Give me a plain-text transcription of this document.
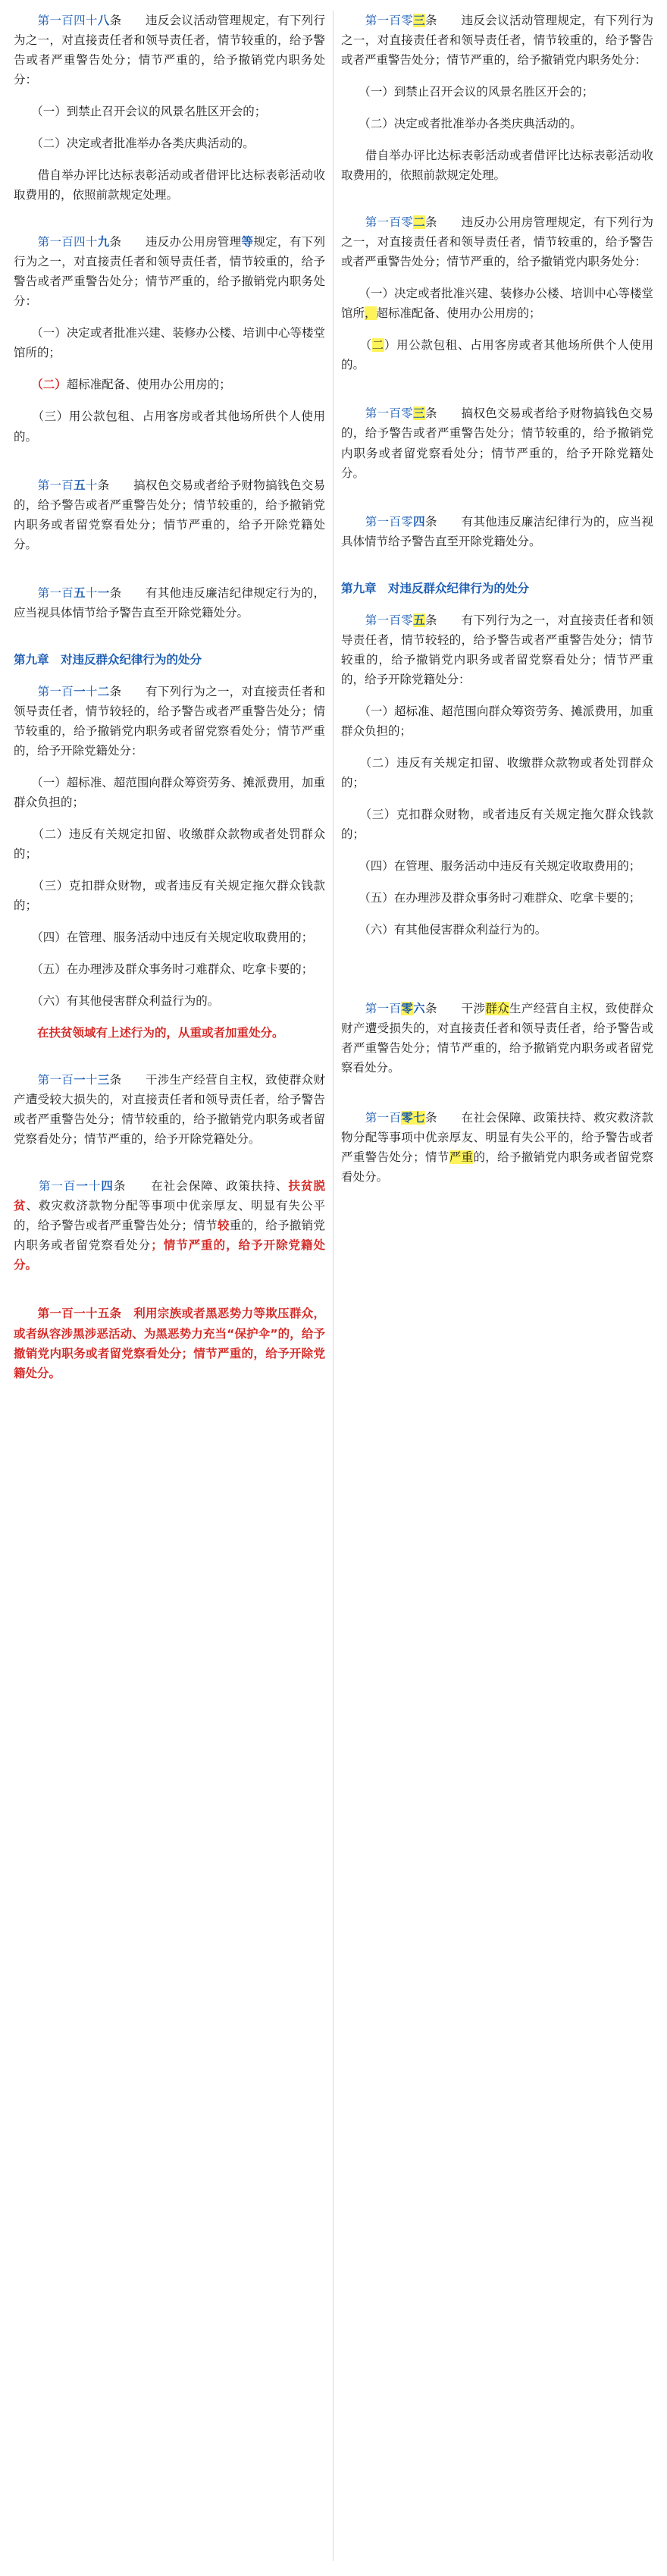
　　第一百四十八条　　违反会议活动管理规定，有下列行为之一，对直接责任者和领导责任者，情节较重的，给予警告或者严重警告处分；情节严重的，给予撤销党内职务处分：

　　（一）到禁止召开会议的风景名胜区开会的；

　　（二）决定或者批准举办各类庆典活动的。

　　借自举办评比达标表彰活动或者借评比达标表彰活动收取费用的，依照前款规定处理。

　　第一百四十九条　　违反办公用房管理等规定，有下列行为之一，对直接责任者和领导责任者，情节较重的，给予警告或者严重警告处分；情节严重的，给予撤销党内职务处分：

　　（一）决定或者批准兴建、装修办公楼、培训中心等楼堂馆所的；

　　（二）超标准配备、使用办公用房的；

　　（三）用公款包租、占用客房或者其他场所供个人使用的。

　　第一百五十条　　搞权色交易或者给予财物搞钱色交易的，给予警告或者严重警告处分；情节较重的，给予撤销党内职务或者留党察看处分；情节严重的，给予开除党籍处分。

　　第一百五十一条　　有其他违反廉洁纪律规定行为的，应当视具体情节给予警告直至开除党籍处分。

第九章　对违反群众纪律行为的处分

　　第一百一十二条　　有下列行为之一，对直接责任者和领导责任者，情节较轻的，给予警告或者严重警告处分；情节较重的，给予撤销党内职务或者留党察看处分；情节严重的，给予开除党籍处分：

　　（一）超标准、超范围向群众筹资劳务、摊派费用，加重群众负担的；

　　（二）违反有关规定扣留、收缴群众款物或者处罚群众的；

　　（三）克扣群众财物，或者违反有关规定拖欠群众钱款的；

　　（四）在管理、服务活动中违反有关规定收取费用的；

　　（五）在办理涉及群众事务时刁难群众、吃拿卡要的；

　　（六）有其他侵害群众利益行为的。

　　在扶贫领域有上述行为的，从重或者加重处分。

　　第一百一十三条　　干涉生产经营自主权，致使群众财产遭受较大损失的，对直接责任者和领导责任者，给予警告或者严重警告处分；情节较重的，给予撤销党内职务或者留党察看处分；情节严重的，给予开除党籍处分。

　　第一百一十四条　　在社会保障、政策扶持、扶贫脱贫、救灾救济款物分配等事项中优亲厚友、明显有失公平的，给予警告或者严重警告处分；情节较重的，给予撤销党内职务或者留党察看处分；情节严重的，给予开除党籍处分。

　　第一百一十五条　利用宗族或者黑恶势力等欺压群众，或者纵容涉黑涉恶活动、为黑恶势力充当“保护伞”的，给予撤销党内职务或者留党察看处分；情节严重的，给予开除党籍处分。

　　第一百零三条　　违反会议活动管理规定，有下列行为之一，对直接责任者和领导责任者，情节较重的，给予警告或者严重警告处分；情节严重的，给予撤销党内职务处分：

　　（一）到禁止召开会议的风景名胜区开会的；

　　（二）决定或者批准举办各类庆典活动的。

　　借自举办评比达标表彰活动或者借评比达标表彰活动收取费用的，依照前款规定处理。

　　第一百零二条　　违反办公用房管理规定，有下列行为之一，对直接责任者和领导责任者，情节较重的，给予警告或者严重警告处分；情节严重的，给予撤销党内职务处分：

　　（一）决定或者批准兴建、装修办公楼、培训中心等楼堂馆所，超标准配备、使用办公用房的；

　　（二）用公款包租、占用客房或者其他场所供个人使用的。

　　第一百零三条　　搞权色交易或者给予财物搞钱色交易的，给予警告或者严重警告处分；情节较重的，给予撤销党内职务或者留党察看处分；情节严重的，给予开除党籍处分。

　　第一百零四条　　有其他违反廉洁纪律行为的，应当视具体情节给予警告直至开除党籍处分。

第九章　对违反群众纪律行为的处分

　　第一百零五条　　有下列行为之一，对直接责任者和领导责任者，情节较轻的，给予警告或者严重警告处分；情节较重的，给予撤销党内职务或者留党察看处分；情节严重的，给予开除党籍处分：

　　（一）超标准、超范围向群众筹资劳务、摊派费用，加重群众负担的；

　　（二）违反有关规定扣留、收缴群众款物或者处罚群众的；

　　（三）克扣群众财物，或者违反有关规定拖欠群众钱款的；

　　（四）在管理、服务活动中违反有关规定收取费用的；

　　（五）在办理涉及群众事务时刁难群众、吃拿卡要的；

　　（六）有其他侵害群众利益行为的。

　　第一百零六条　　干涉群众生产经营自主权，致使群众财产遭受损失的，对直接责任者和领导责任者，给予警告或者严重警告处分；情节严重的，给予撤销党内职务或者留党察看处分。

　　第一百零七条　　在社会保障、政策扶持、救灾救济款物分配等事项中优亲厚友、明显有失公平的，给予警告或者严重警告处分；情节严重的，给予撤销党内职务或者留党察看处分。
